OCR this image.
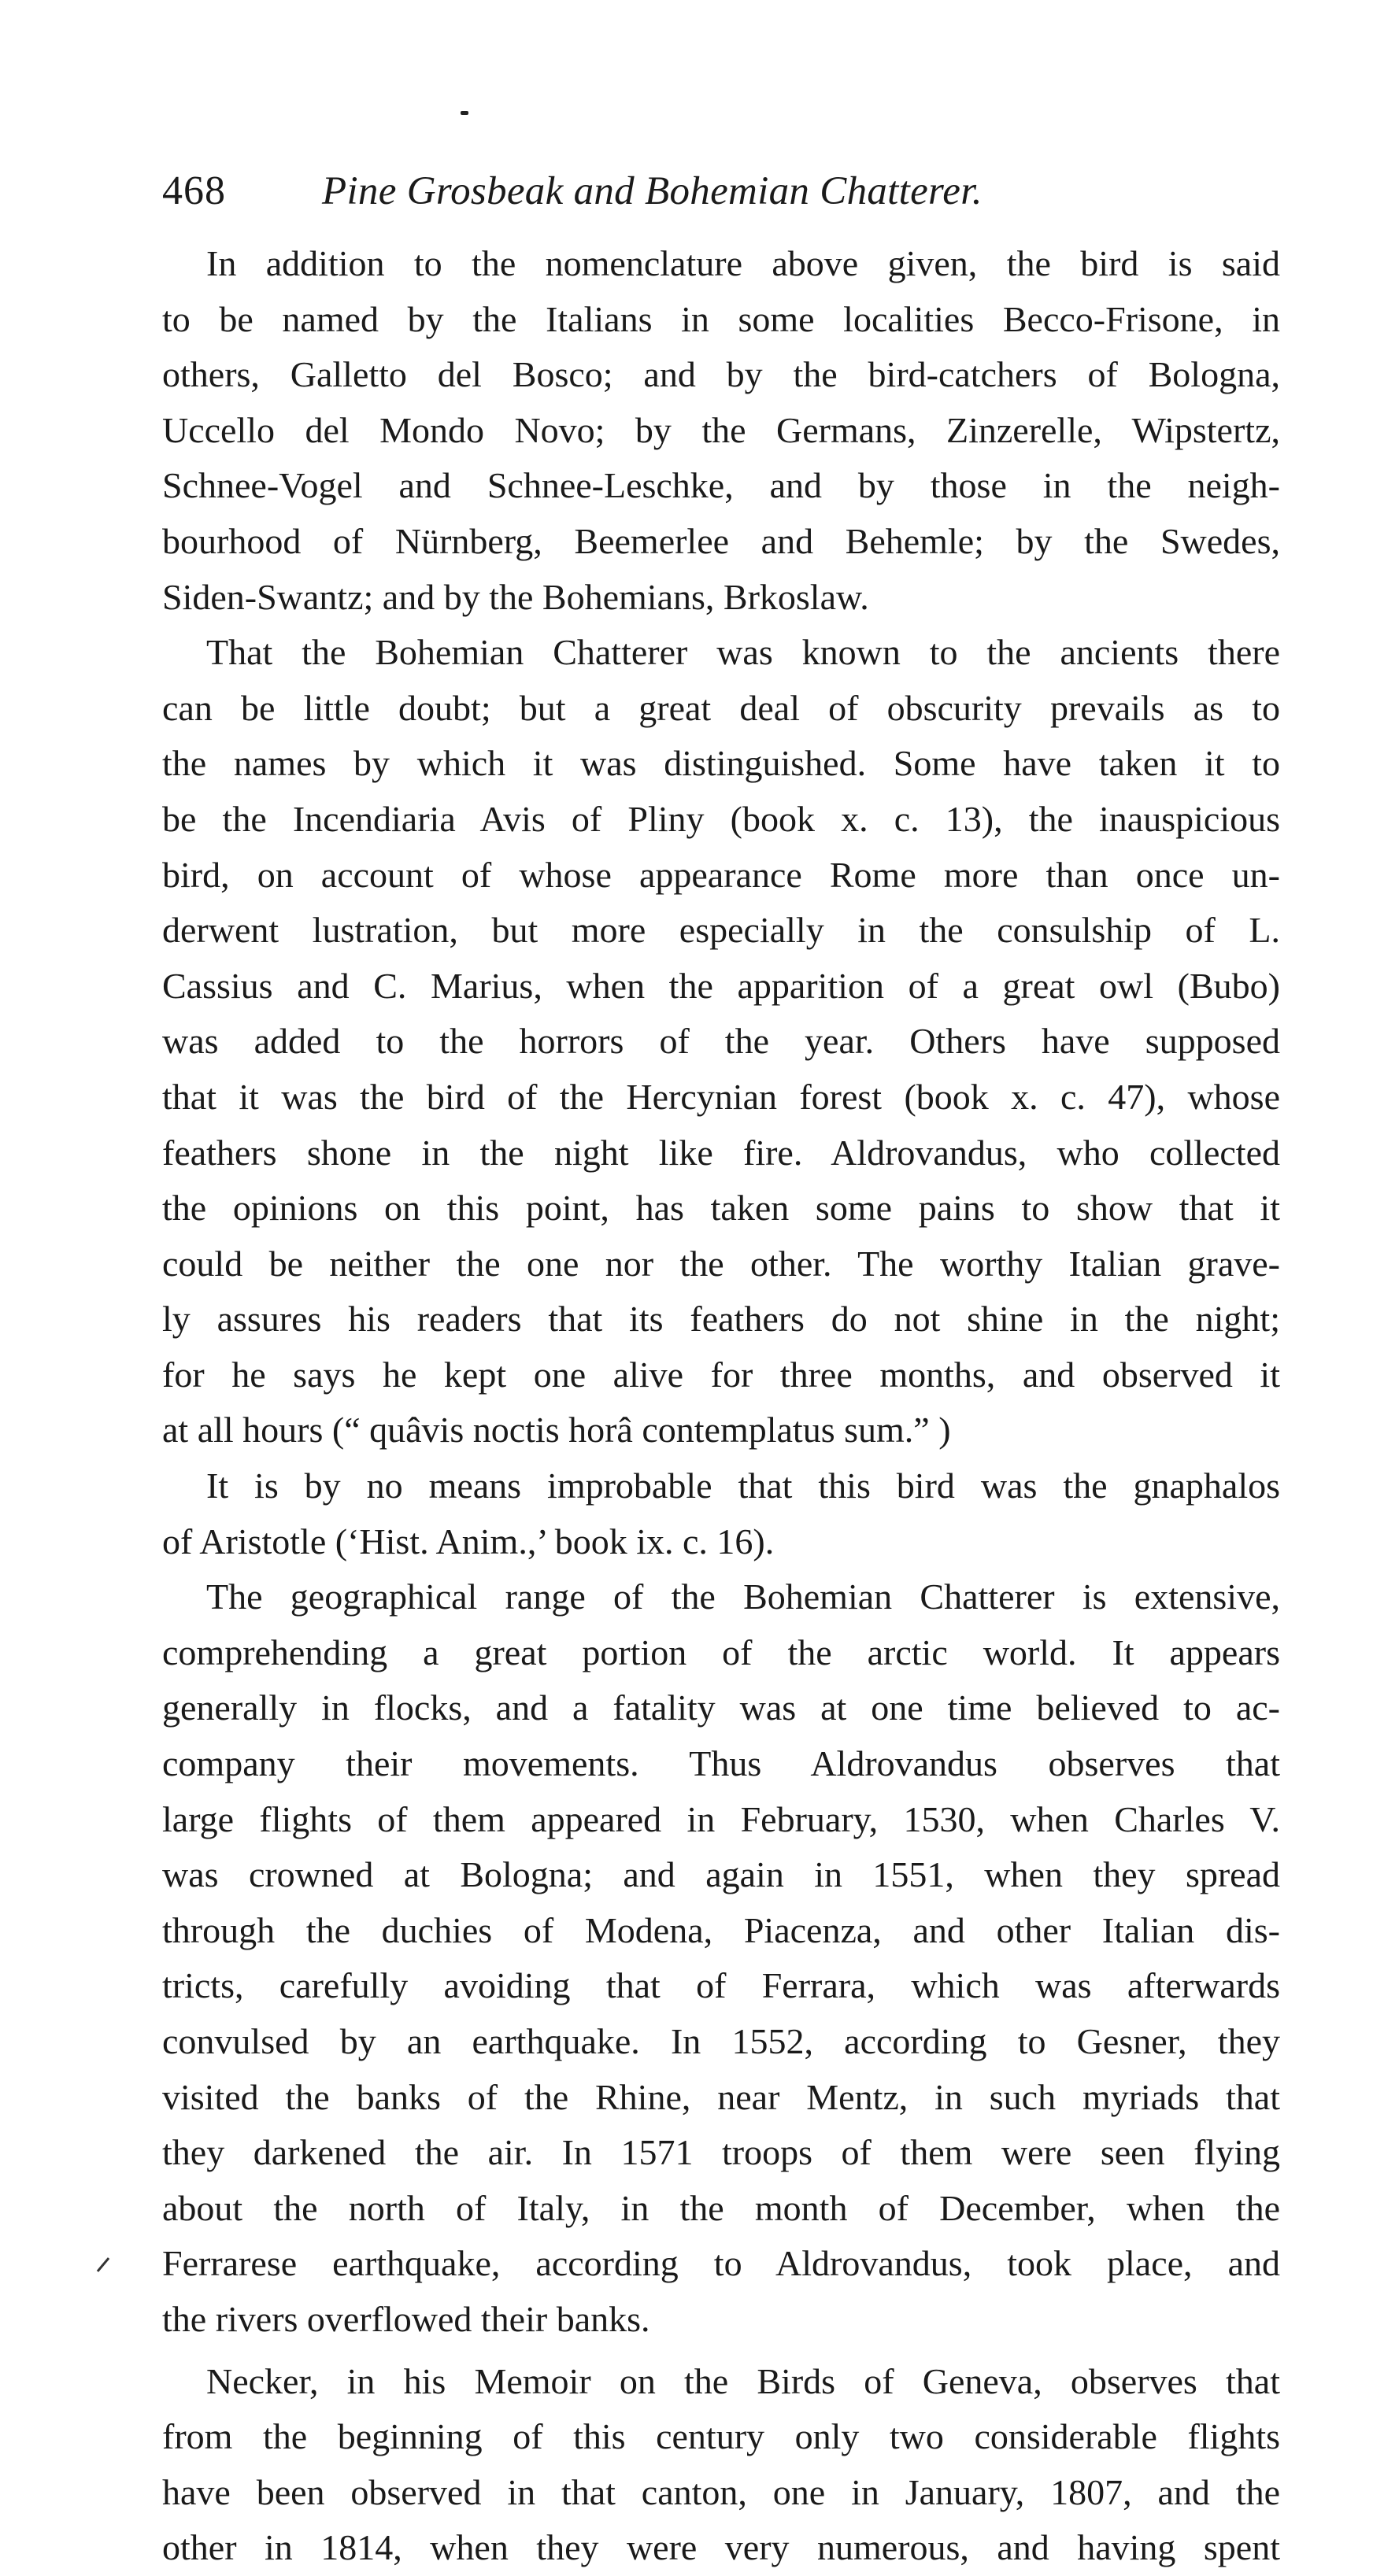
468 Pine Grosbeak and Bohemian Chatterer.
In addition to the nomenclature above given, the bird is said
to be named by the Italians in some localities Becco-Frisone, in
others, Galletto del Bosco; and by the bird-catchers of Bologna,
Uccello del Mondo Novo; by the Germans, Zinzerelle, Wipstertz,
Schnee-Vogel and Schnee-Leschke, and by those in the neigh-
bourhood of Nürnberg, Beemerlee and Behemle; by the Swedes,
Siden-Swantz; and by the Bohemians, Brkoslaw.
That the Bohemian Chatterer was known to the ancients there
can be little doubt; but a great deal of obscurity prevails as to
the names by which it was distinguished. Some have taken it to
be the Incendiaria Avis of Pliny (book x. c. 13), the inauspicious
bird, on account of whose appearance Rome more than once un-
derwent lustration, but more especially in the consulship of L.
Cassius and C. Marius, when the apparition of a great owl (Bubo)
was added to the horrors of the year. Others have supposed
that it was the bird of the Hercynian forest (book x. c. 47), whose
feathers shone in the night like fire. Aldrovandus, who collected
the opinions on this point, has taken some pains to show that it
could be neither the one nor the other. The worthy Italian grave-
ly assures his readers that its feathers do not shine in the night;
for he says he kept one alive for three months, and observed it
at all hours (“ quâvis noctis horâ contemplatus sum.” )
It is by no means improbable that this bird was the gnaphalos
of Aristotle (‘Hist. Anim.,’ book ix. c. 16).
The geographical range of the Bohemian Chatterer is extensive,
comprehending a great portion of the arctic world. It appears
generally in flocks, and a fatality was at one time believed to ac-
company their movements. Thus Aldrovandus observes that
large flights of them appeared in February, 1530, when Charles V.
was crowned at Bologna; and again in 1551, when they spread
through the duchies of Modena, Piacenza, and other Italian dis-
tricts, carefully avoiding that of Ferrara, which was afterwards
convulsed by an earthquake. In 1552, according to Gesner, they
visited the banks of the Rhine, near Mentz, in such myriads that
they darkened the air. In 1571 troops of them were seen flying
about the north of Italy, in the month of December, when the
Ferrarese earthquake, according to Aldrovandus, took place, and
the rivers overflowed their banks.
Necker, in his Memoir on the Birds of Geneva, observes that
from the beginning of this century only two considerable flights
have been observed in that canton, one in January, 1807, and the
other in 1814, when they were very numerous, and having spent
